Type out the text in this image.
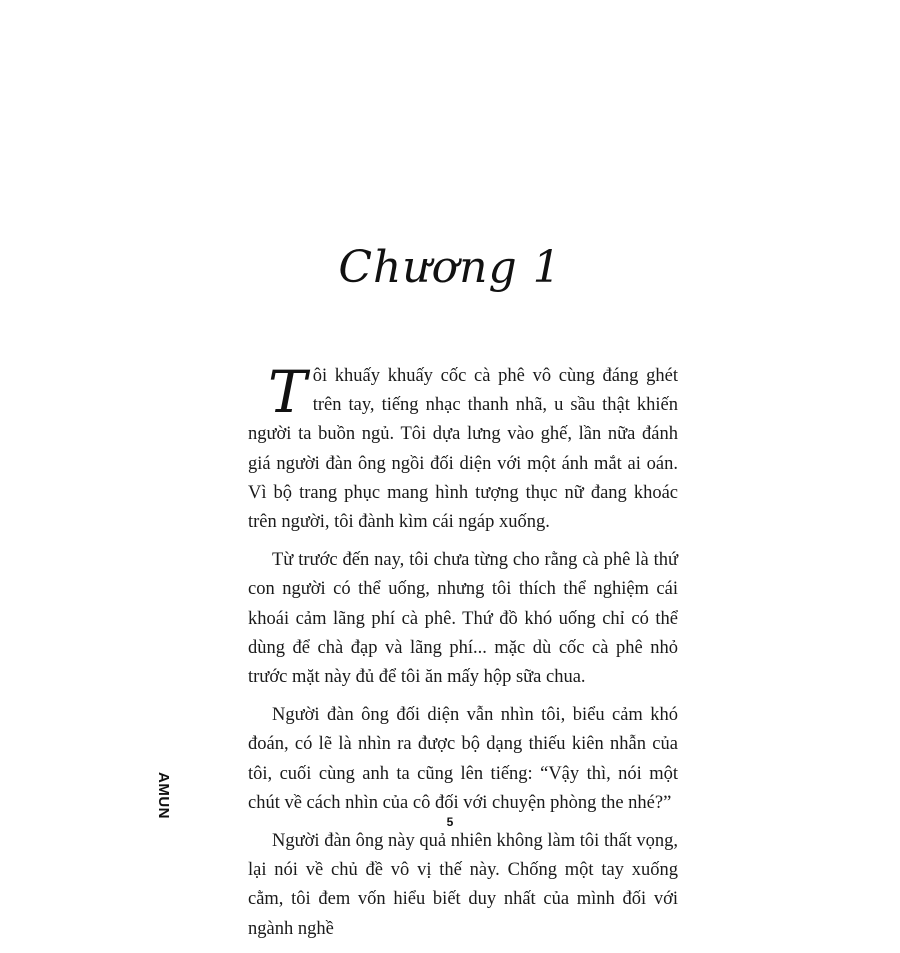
Chương 1

Tôi khuấy khuấy cốc cà phê vô cùng đáng ghét trên tay, tiếng nhạc thanh nhã, u sầu thật khiến người ta buồn ngủ. Tôi dựa lưng vào ghế, lần nữa đánh giá người đàn ông ngồi đối diện với một ánh mắt ai oán. Vì bộ trang phục mang hình tượng thục nữ đang khoác trên người, tôi đành kìm cái ngáp xuống.

Từ trước đến nay, tôi chưa từng cho rằng cà phê là thứ con người có thể uống, nhưng tôi thích thể nghiệm cái khoái cảm lãng phí cà phê. Thứ đồ khó uống chỉ có thể dùng để chà đạp và lãng phí... mặc dù cốc cà phê nhỏ trước mặt này đủ để tôi ăn mấy hộp sữa chua.

Người đàn ông đối diện vẫn nhìn tôi, biểu cảm khó đoán, có lẽ là nhìn ra được bộ dạng thiếu kiên nhẫn của tôi, cuối cùng anh ta cũng lên tiếng: “Vậy thì, nói một chút về cách nhìn của cô đối với chuyện phòng the nhé?”

Người đàn ông này quả nhiên không làm tôi thất vọng, lại nói về chủ đề vô vị thế này. Chống một tay xuống cằm, tôi đem vốn hiểu biết duy nhất của mình đối với ngành nghề

AMUN
5
